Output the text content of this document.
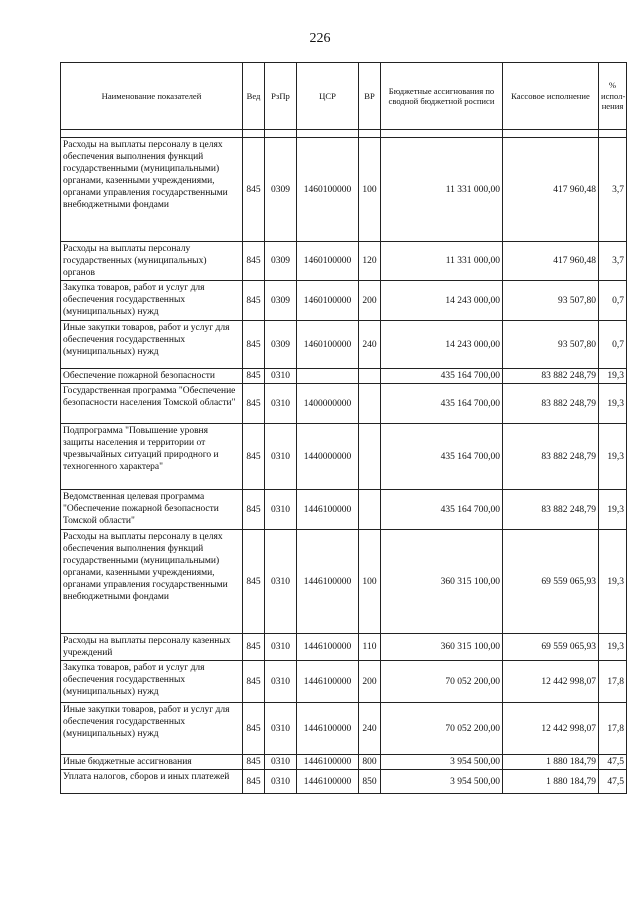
226
Наименование показателей	Вед	РзПр	ЦСР	ВР	Бюджетные ассигнования по сводной бюджетной росписи	Кассовое исполнение	% испол-нения

Расходы на выплаты персоналу в целях обеспечения выполнения функций государственными (муниципальными) органами, казенными учреждениями, органами управления государственными внебюджетными фондами	845	0309	1460100000	100	11 331 000,00	417 960,48	3,7
Расходы на выплаты персоналу государственных (муниципальных) органов	845	0309	1460100000	120	11 331 000,00	417 960,48	3,7
Закупка товаров, работ и услуг для обеспечения государственных (муниципальных) нужд	845	0309	1460100000	200	14 243 000,00	93 507,80	0,7
Иные закупки товаров, работ и услуг для обеспечения государственных (муниципальных) нужд	845	0309	1460100000	240	14 243 000,00	93 507,80	0,7
Обеспечение пожарной безопасности	845	0310			435 164 700,00	83 882 248,79	19,3
Государственная программа "Обеспечение безопасности населения Томской области"	845	0310	1400000000		435 164 700,00	83 882 248,79	19,3
Подпрограмма "Повышение уровня защиты населения и территории от чрезвычайных ситуаций природного и техногенного характера"	845	0310	1440000000		435 164 700,00	83 882 248,79	19,3
Ведомственная целевая программа "Обеспечение пожарной безопасности Томской области"	845	0310	1446100000		435 164 700,00	83 882 248,79	19,3
Расходы на выплаты персоналу в целях обеспечения выполнения функций государственными (муниципальными) органами, казенными учреждениями, органами управления государственными внебюджетными фондами	845	0310	1446100000	100	360 315 100,00	69 559 065,93	19,3
Расходы на выплаты персоналу казенных учреждений	845	0310	1446100000	110	360 315 100,00	69 559 065,93	19,3
Закупка товаров, работ и услуг для обеспечения государственных (муниципальных) нужд	845	0310	1446100000	200	70 052 200,00	12 442 998,07	17,8
Иные закупки товаров, работ и услуг для обеспечения государственных (муниципальных) нужд	845	0310	1446100000	240	70 052 200,00	12 442 998,07	17,8
Иные бюджетные ассигнования	845	0310	1446100000	800	3 954 500,00	1 880 184,79	47,5
Уплата налогов, сборов и иных платежей	845	0310	1446100000	850	3 954 500,00	1 880 184,79	47,5
